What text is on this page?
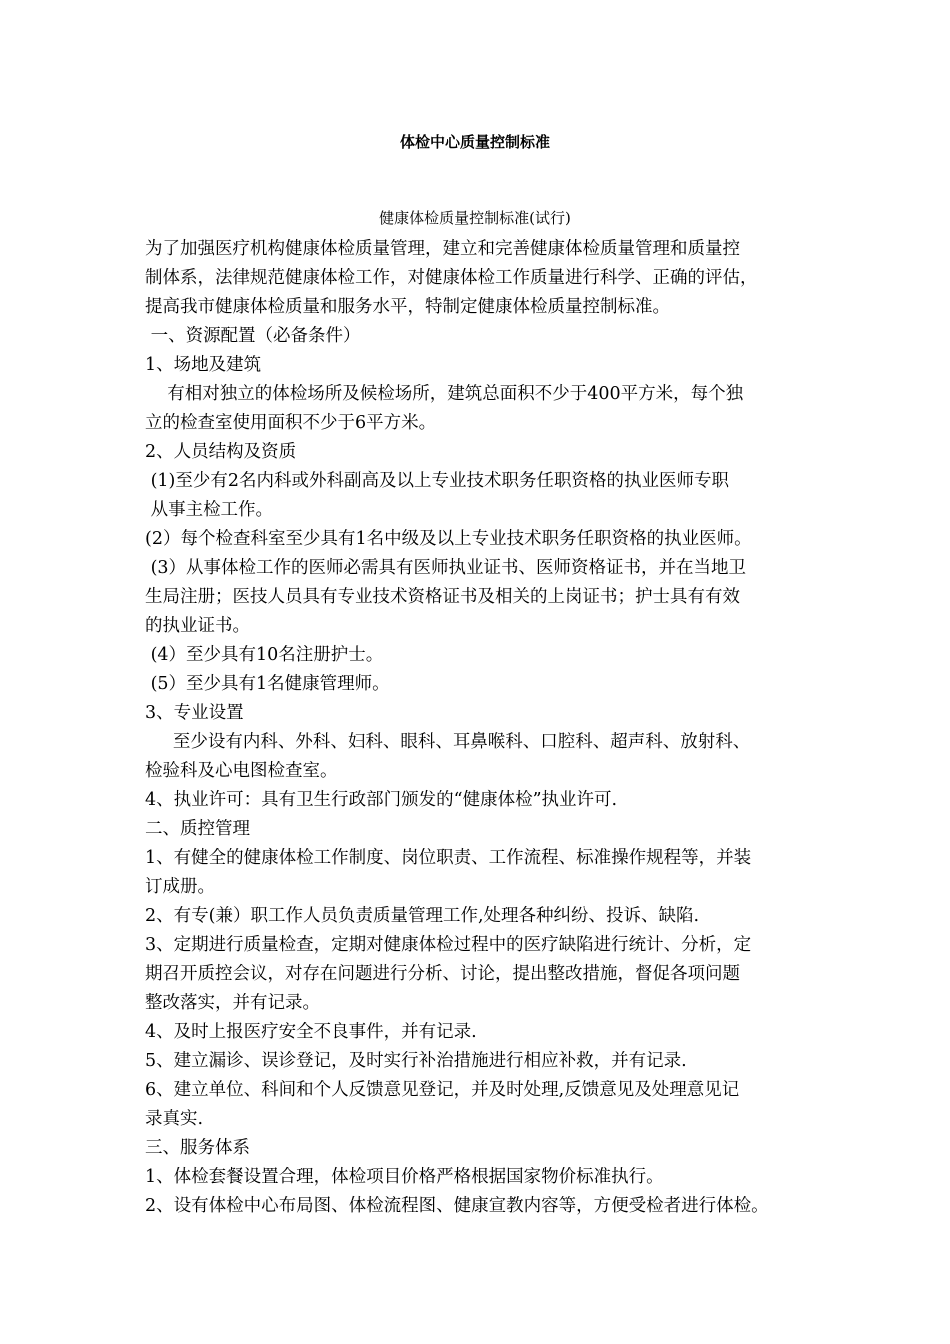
体检中心质量控制标准
健康体检质量控制标准(试行)
为了加强医疗机构健康体检质量管理，建立和完善健康体检质量管理和质量控
制体系，法律规范健康体检工作，对健康体检工作质量进行科学、正确的评估，
提高我市健康体检质量和服务水平，特制定健康体检质量控制标准。
一、资源配置（必备条件）
1、场地及建筑
有相对独立的体检场所及候检场所，建筑总面积不少于400平方米，每个独
立的检查室使用面积不少于6平方米。
2、人员结构及资质
(1)至少有2名内科或外科副高及以上专业技术职务任职资格的执业医师专职
从事主检工作。
(2）每个检查科室至少具有1名中级及以上专业技术职务任职资格的执业医师。
(3）从事体检工作的医师必需具有医师执业证书、医师资格证书，并在当地卫
生局注册；医技人员具有专业技术资格证书及相关的上岗证书；护士具有有效
的执业证书。
(4）至少具有10名注册护士。
(5）至少具有1名健康管理师。
3、专业设置
至少设有内科、外科、妇科、眼科、耳鼻喉科、口腔科、超声科、放射科、
检验科及心电图检查室。
4、执业许可：具有卫生行政部门颁发的“健康体检”执业许可.
二、质控管理
1、有健全的健康体检工作制度、岗位职责、工作流程、标准操作规程等，并装
订成册。
2、有专(兼）职工作人员负责质量管理工作,处理各种纠纷、投诉、缺陷.
3、定期进行质量检查，定期对健康体检过程中的医疗缺陷进行统计、分析，定
期召开质控会议，对存在问题进行分析、讨论，提出整改措施，督促各项问题
整改落实，并有记录。
4、及时上报医疗安全不良事件，并有记录.
5、建立漏诊、误诊登记，及时实行补治措施进行相应补救，并有记录.
6、建立单位、科间和个人反馈意见登记，并及时处理,反馈意见及处理意见记
录真实.
三、服务体系
1、体检套餐设置合理，体检项目价格严格根据国家物价标准执行。
2、设有体检中心布局图、体检流程图、健康宣教内容等，方便受检者进行体检。
